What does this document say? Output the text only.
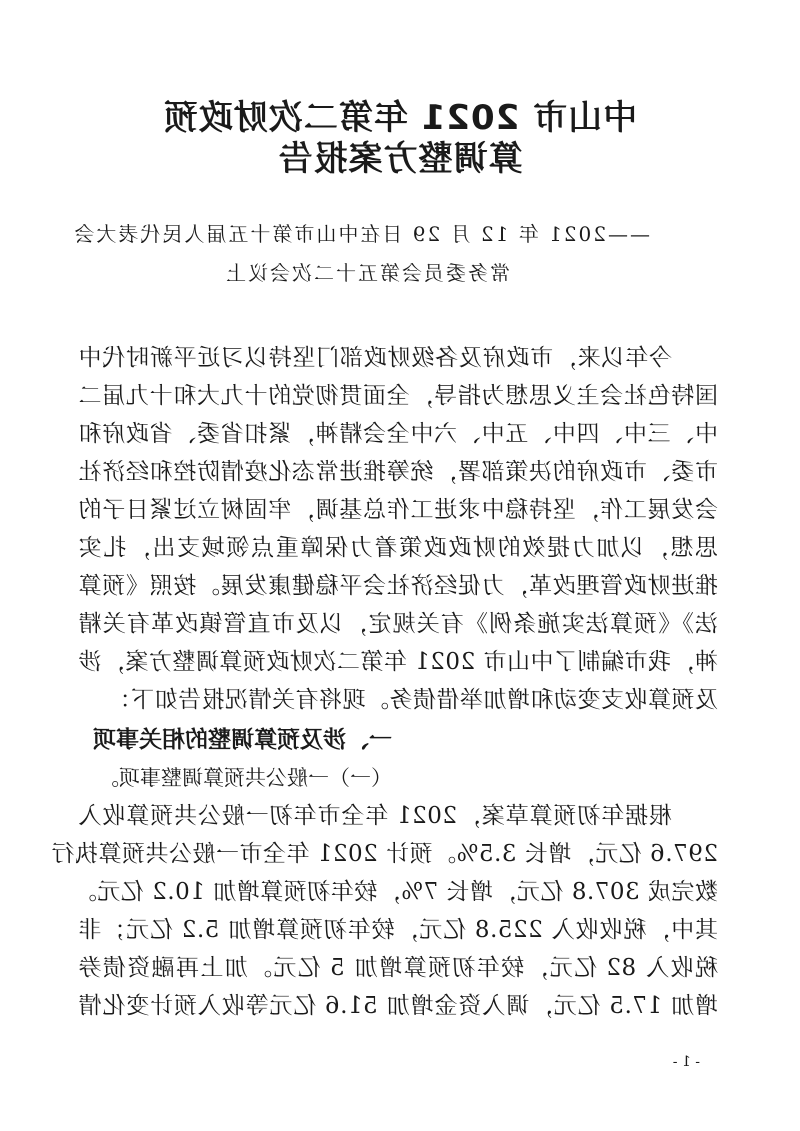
中山市 2021 年第二次财政预
算调整方案报告
——2021 年 12 月 29 日在中山市第十五届人民代表大会
常务委员会第五十二次会议上
今年以来，市政府及各级财政部门坚持以习近平新时代中
国特色社会主义思想为指导，全面贯彻党的十九大和十九届二
中、三中、四中、五中、六中全会精神，紧扣省委、省政府和
市委、市政府的决策部署，统筹推进常态化疫情防控和经济社
会发展工作，坚持稳中求进工作总基调，牢固树立过紧日子的
思想，以加力提效的财政政策着力保障重点领域支出，扎实
推进财政管理改革，力促经济社会平稳健康发展。按照《预算
法》《预算法实施条例》有关规定，以及市直管镇改革有关精
神，我市编制了中山市 2021 年第二次财政预算调整方案，涉
及预算收支变动和增加举借债务。现将有关情况报告如下：
一、涉及预算调整的相关事项
（一）一般公共预算调整事项。
根据年初预算草案，2021 年全市年初一般公共预算收入
297.6 亿元，增长 3.5%。预计 2021 年全市一般公共预算执行
数完成 307.8 亿元，增长 7%，较年初预算增加 10.2 亿元。
其中，税收收入 225.8 亿元，较年初预算增加 5.2 亿元；非
税收入 82 亿元，较年初预算增加 5 亿元。加上再融资债券
增加 17.5 亿元，调入资金增加 51.6 亿元等收入预计变化情
- 1 -
